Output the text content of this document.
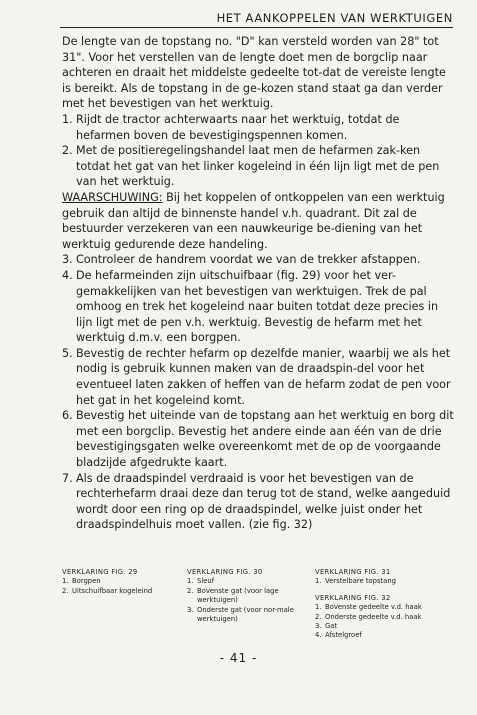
HET AANKOPPELEN VAN WERKTUIGEN

De lengte van de topstang no. "D" kan versteld worden van 28" tot 31". Voor het verstellen van de lengte doet men de borgclip naar achteren en draait het middelste gedeelte tot-dat de vereiste lengte is bereikt. Als de topstang in de ge-kozen stand staat ga dan verder met het bevestigen van het werktuig.

1. Rijdt de tractor achterwaarts naar het werktuig, totdat de hefarmen boven de bevestigingspennen komen.
2. Met de positieregelingshandel laat men de hefarmen zak-ken totdat het gat van het linker kogeleind in één lijn ligt met de pen van het werktuig.

WAARSCHUWING: Bij het koppelen of ontkoppelen van een werktuig gebruik dan altijd de binnenste handel v.h. quadrant. Dit zal de bestuurder verzekeren van een nauwkeurige be-diening van het werktuig gedurende deze handeling.

3. Controleer de handrem voordat we van de trekker afstappen.
4. De hefarmeinden zijn uitschuifbaar (fig. 29) voor het ver-gemakkelijken van het bevestigen van werktuigen. Trek de pal omhoog en trek het kogeleind naar buiten totdat deze precies in lijn ligt met de pen v.h. werktuig. Bevestig de hefarm met het werktuig d.m.v. een borgpen.
5. Bevestig de rechter hefarm op dezelfde manier, waarbij we als het nodig is gebruik kunnen maken van de draadspin-del voor het eventueel laten zakken of heffen van de hefarm zodat de pen voor het gat in het kogeleind komt.
6. Bevestig het uiteinde van de topstang aan het werktuig en borg dit met een borgclip. Bevestig het andere einde aan één van de drie bevestigingsgaten welke overeenkomt met de op de voorgaande bladzijde afgedrukte kaart.
7. Als de draadspindel verdraaid is voor het bevestigen van de rechterhefarm draai deze dan terug tot de stand, welke aangeduid wordt door een ring op de draadspindel, welke juist onder het draadspindelhuis moet vallen. (zie fig. 32)
VERKLARING FIG. 29
1. Borgpen
2. Uitschuifbaar kogeleind
VERKLARING FIG. 30
1. Sleuf
2. Bovenste gat (voor lage werktuigen)
3. Onderste gat (voor nor-male werktuigen)
VERKLARING FIG. 31
1. Verstelbare topstang
VERKLARING FIG. 32
1. Bovenste gedeelte v.d. haak
2. Onderste gedeelte v.d. haak
3. Gat
4. Afstelgroef
- 41 -
